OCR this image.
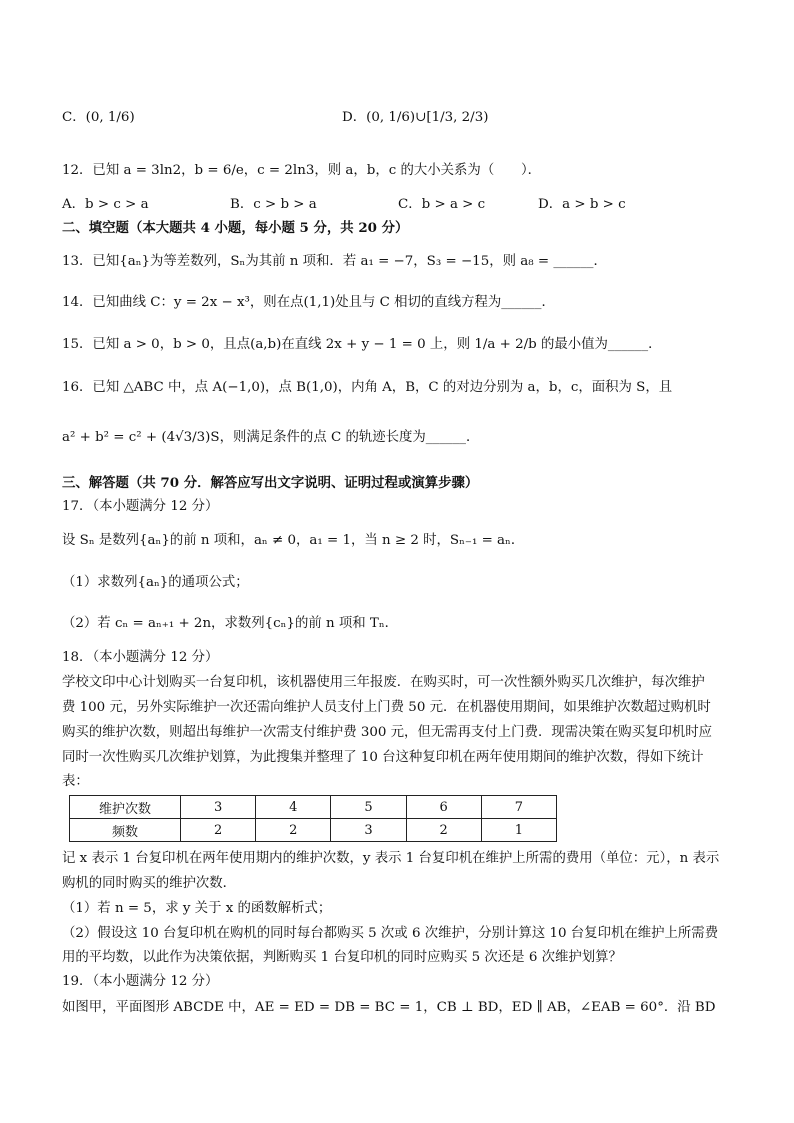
C．(0, 1/6)	D．(0, 1/6)∪[1/3, 2/3)
12．已知 a = 3ln2，b = 6/e，c = 2ln3，则 a，b，c 的大小关系为（　　）．
A．b > c > a	B．c > b > a	C．b > a > c	D．a > b > c
二、填空题（本大题共 4 小题，每小题 5 分，共 20 分）
13．已知{aₙ}为等差数列，Sₙ为其前 n 项和．若 a₁ = −7，S₃ = −15，则 a₈ = ______．
14．已知曲线 C：y = 2x − x³，则在点(1,1)处且与 C 相切的直线方程为______．
15．已知 a > 0，b > 0，且点(a,b)在直线 2x + y − 1 = 0 上，则 1/a + 2/b 的最小值为______．
16．已知 △ABC 中，点 A(−1,0)，点 B(1,0)，内角 A，B，C 的对边分别为 a，b，c，面积为 S，且
a² + b² = c² + (4√3/3)S，则满足条件的点 C 的轨迹长度为______．
三、解答题（共 70 分．解答应写出文字说明、证明过程或演算步骤）
17．（本小题满分 12 分）
设 Sₙ 是数列{aₙ}的前 n 项和，aₙ ≠ 0，a₁ = 1，当 n ≥ 2 时，Sₙ₋₁ = aₙ．
（1）求数列{aₙ}的通项公式；
（2）若 cₙ = aₙ₊₁ + 2n，求数列{cₙ}的前 n 项和 Tₙ．
18．（本小题满分 12 分）
学校文印中心计划购买一台复印机，该机器使用三年报废．在购买时，可一次性额外购买几次维护，每次维护
费 100 元，另外实际维护一次还需向维护人员支付上门费 50 元．在机器使用期间，如果维护次数超过购机时
购买的维护次数，则超出每维护一次需支付维护费 300 元，但无需再支付上门费．现需决策在购买复印机时应
同时一次性购买几次维护划算，为此搜集并整理了 10 台这种复印机在两年使用期间的维护次数，得如下统计
表：
维护次数	3	4	5	6	7
频数	2	2	3	2	1
记 x 表示 1 台复印机在两年使用期内的维护次数，y 表示 1 台复印机在维护上所需的费用（单位：元），n 表示
购机的同时购买的维护次数．
（1）若 n = 5，求 y 关于 x 的函数解析式；
（2）假设这 10 台复印机在购机的同时每台都购买 5 次或 6 次维护，分别计算这 10 台复印机在维护上所需费
用的平均数，以此作为决策依据，判断购买 1 台复印机的同时应购买 5 次还是 6 次维护划算？
19．（本小题满分 12 分）
如图甲，平面图形 ABCDE 中，AE = ED = DB = BC = 1，CB ⊥ BD，ED ∥ AB，∠EAB = 60°．沿 BD
